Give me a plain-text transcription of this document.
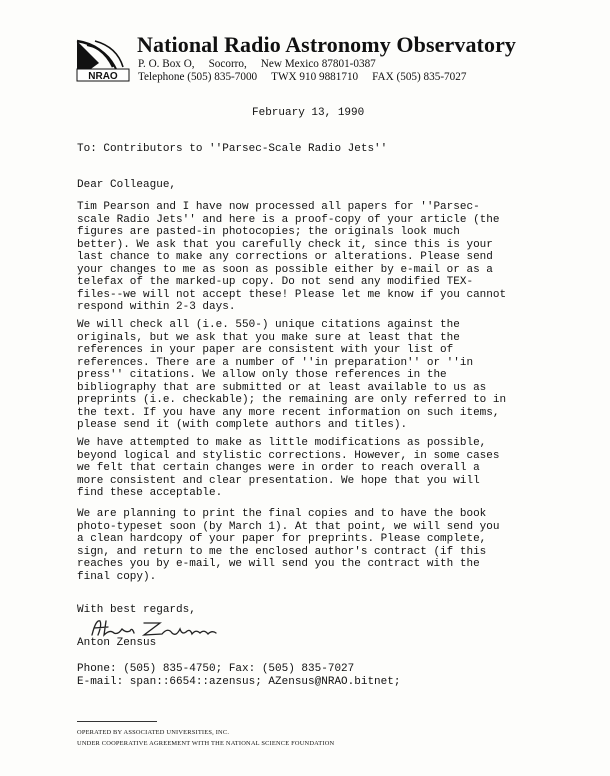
NRAO
National Radio Astronomy Observatory
P. O. Box O, Socorro, New Mexico 87801-0387
Telephone (505) 835-7000 TWX 910 9881710 FAX (505) 835-7027
February 13, 1990
To: Contributors to ''Parsec-Scale Radio Jets''
Dear Colleague,
Tim Pearson and I have now processed all papers for ''Parsec-
scale Radio Jets'' and here is a proof-copy of your article (the
figures are pasted-in photocopies; the originals look much
better). We ask that you carefully check it, since this is your
last chance to make any corrections or alterations. Please send
your changes to me as soon as possible either by e-mail or as a
telefax of the marked-up copy. Do not send any modified TEX-
files--we will not accept these! Please let me know if you cannot
respond within 2-3 days.
We will check all (i.e. 550-) unique citations against the
originals, but we ask that you make sure at least that the
references in your paper are consistent with your list of
references. There are a number of ''in preparation'' or ''in
press'' citations. We allow only those references in the
bibliography that are submitted or at least available to us as
preprints (i.e. checkable); the remaining are only referred to in
the text. If you have any more recent information on such items,
please send it (with complete authors and titles).
We have attempted to make as little modifications as possible,
beyond logical and stylistic corrections. However, in some cases
we felt that certain changes were in order to reach overall a
more consistent and clear presentation. We hope that you will
find these acceptable.
We are planning to print the final copies and to have the book
photo-typeset soon (by March 1). At that point, we will send you
a clean hardcopy of your paper for preprints. Please complete,
sign, and return to me the enclosed author's contract (if this
reaches you by e-mail, we will send you the contract with the
final copy).
With best regards,
Anton Zensus
Phone: (505) 835-4750; Fax: (505) 835-7027
E-mail: span::6654::azensus; AZensus@NRAO.bitnet;
OPERATED BY ASSOCIATED UNIVERSITIES, INC.
UNDER COOPERATIVE AGREEMENT WITH THE NATIONAL SCIENCE FOUNDATION
